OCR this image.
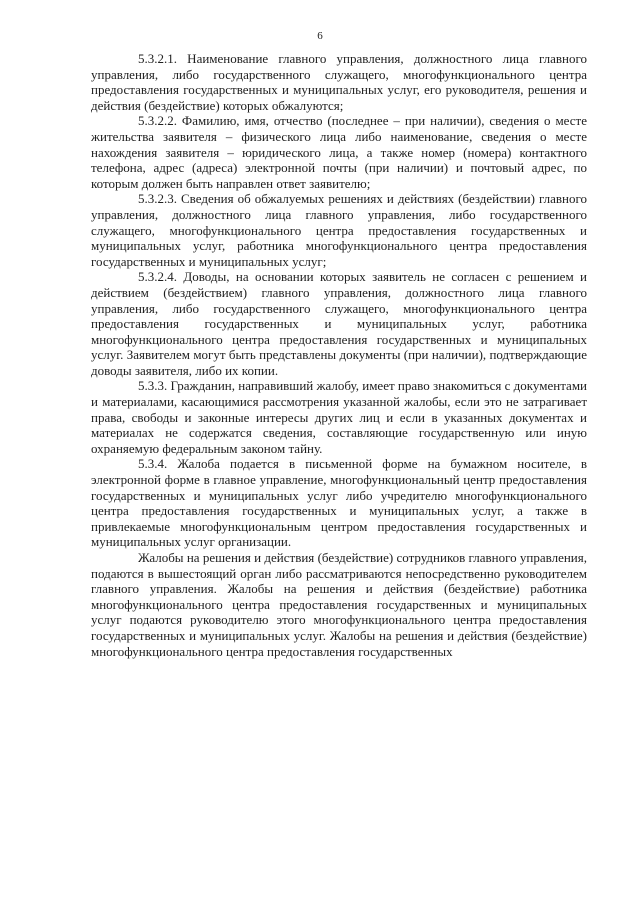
6

5.3.2.1. Наименование главного управления, должностного лица главного управления, либо государственного служащего, многофункционального центра предоставления государственных и муниципальных услуг, его руководителя, решения и действия (бездействие) которых обжалуются;

5.3.2.2. Фамилию, имя, отчество (последнее – при наличии), сведения о месте жительства заявителя – физического лица либо наименование, сведения о месте нахождения заявителя – юридического лица, а также номер (номера) контактного телефона, адрес (адреса) электронной почты (при наличии) и почтовый адрес, по которым должен быть направлен ответ заявителю;

5.3.2.3. Сведения об обжалуемых решениях и действиях (бездействии) главного управления, должностного лица главного управления, либо государственного служащего, многофункционального центра предоставления государственных и муниципальных услуг, работника многофункционального центра предоставления государственных и муниципальных услуг;

5.3.2.4. Доводы, на основании которых заявитель не согласен с решением и действием (бездействием) главного управления, должностного лица главного управления, либо государственного служащего, многофункционального центра предоставления государственных и муниципальных услуг, работника многофункционального центра предоставления государственных и муниципальных услуг. Заявителем могут быть представлены документы (при наличии), подтверждающие доводы заявителя, либо их копии.

5.3.3. Гражданин, направивший жалобу, имеет право знакомиться с документами и материалами, касающимися рассмотрения указанной жалобы, если это не затрагивает права, свободы и законные интересы других лиц и если в указанных документах и материалах не содержатся сведения, составляющие государственную или иную охраняемую федеральным законом тайну.

5.3.4. Жалоба подается в письменной форме на бумажном носителе, в электронной форме в главное управление, многофункциональный центр предоставления государственных и муниципальных услуг либо учредителю многофункционального центра предоставления государственных и муниципальных услуг, а также в привлекаемые многофункциональным центром предоставления государственных и муниципальных услуг организации.

Жалобы на решения и действия (бездействие) сотрудников главного управления, подаются в вышестоящий орган либо рассматриваются непосредственно руководителем главного управления. Жалобы на решения и действия (бездействие) работника многофункционального центра предоставления государственных и муниципальных услуг подаются руководителю этого многофункционального центра предоставления государственных и муниципальных услуг. Жалобы на решения и действия (бездействие) многофункционального центра предоставления государственных
